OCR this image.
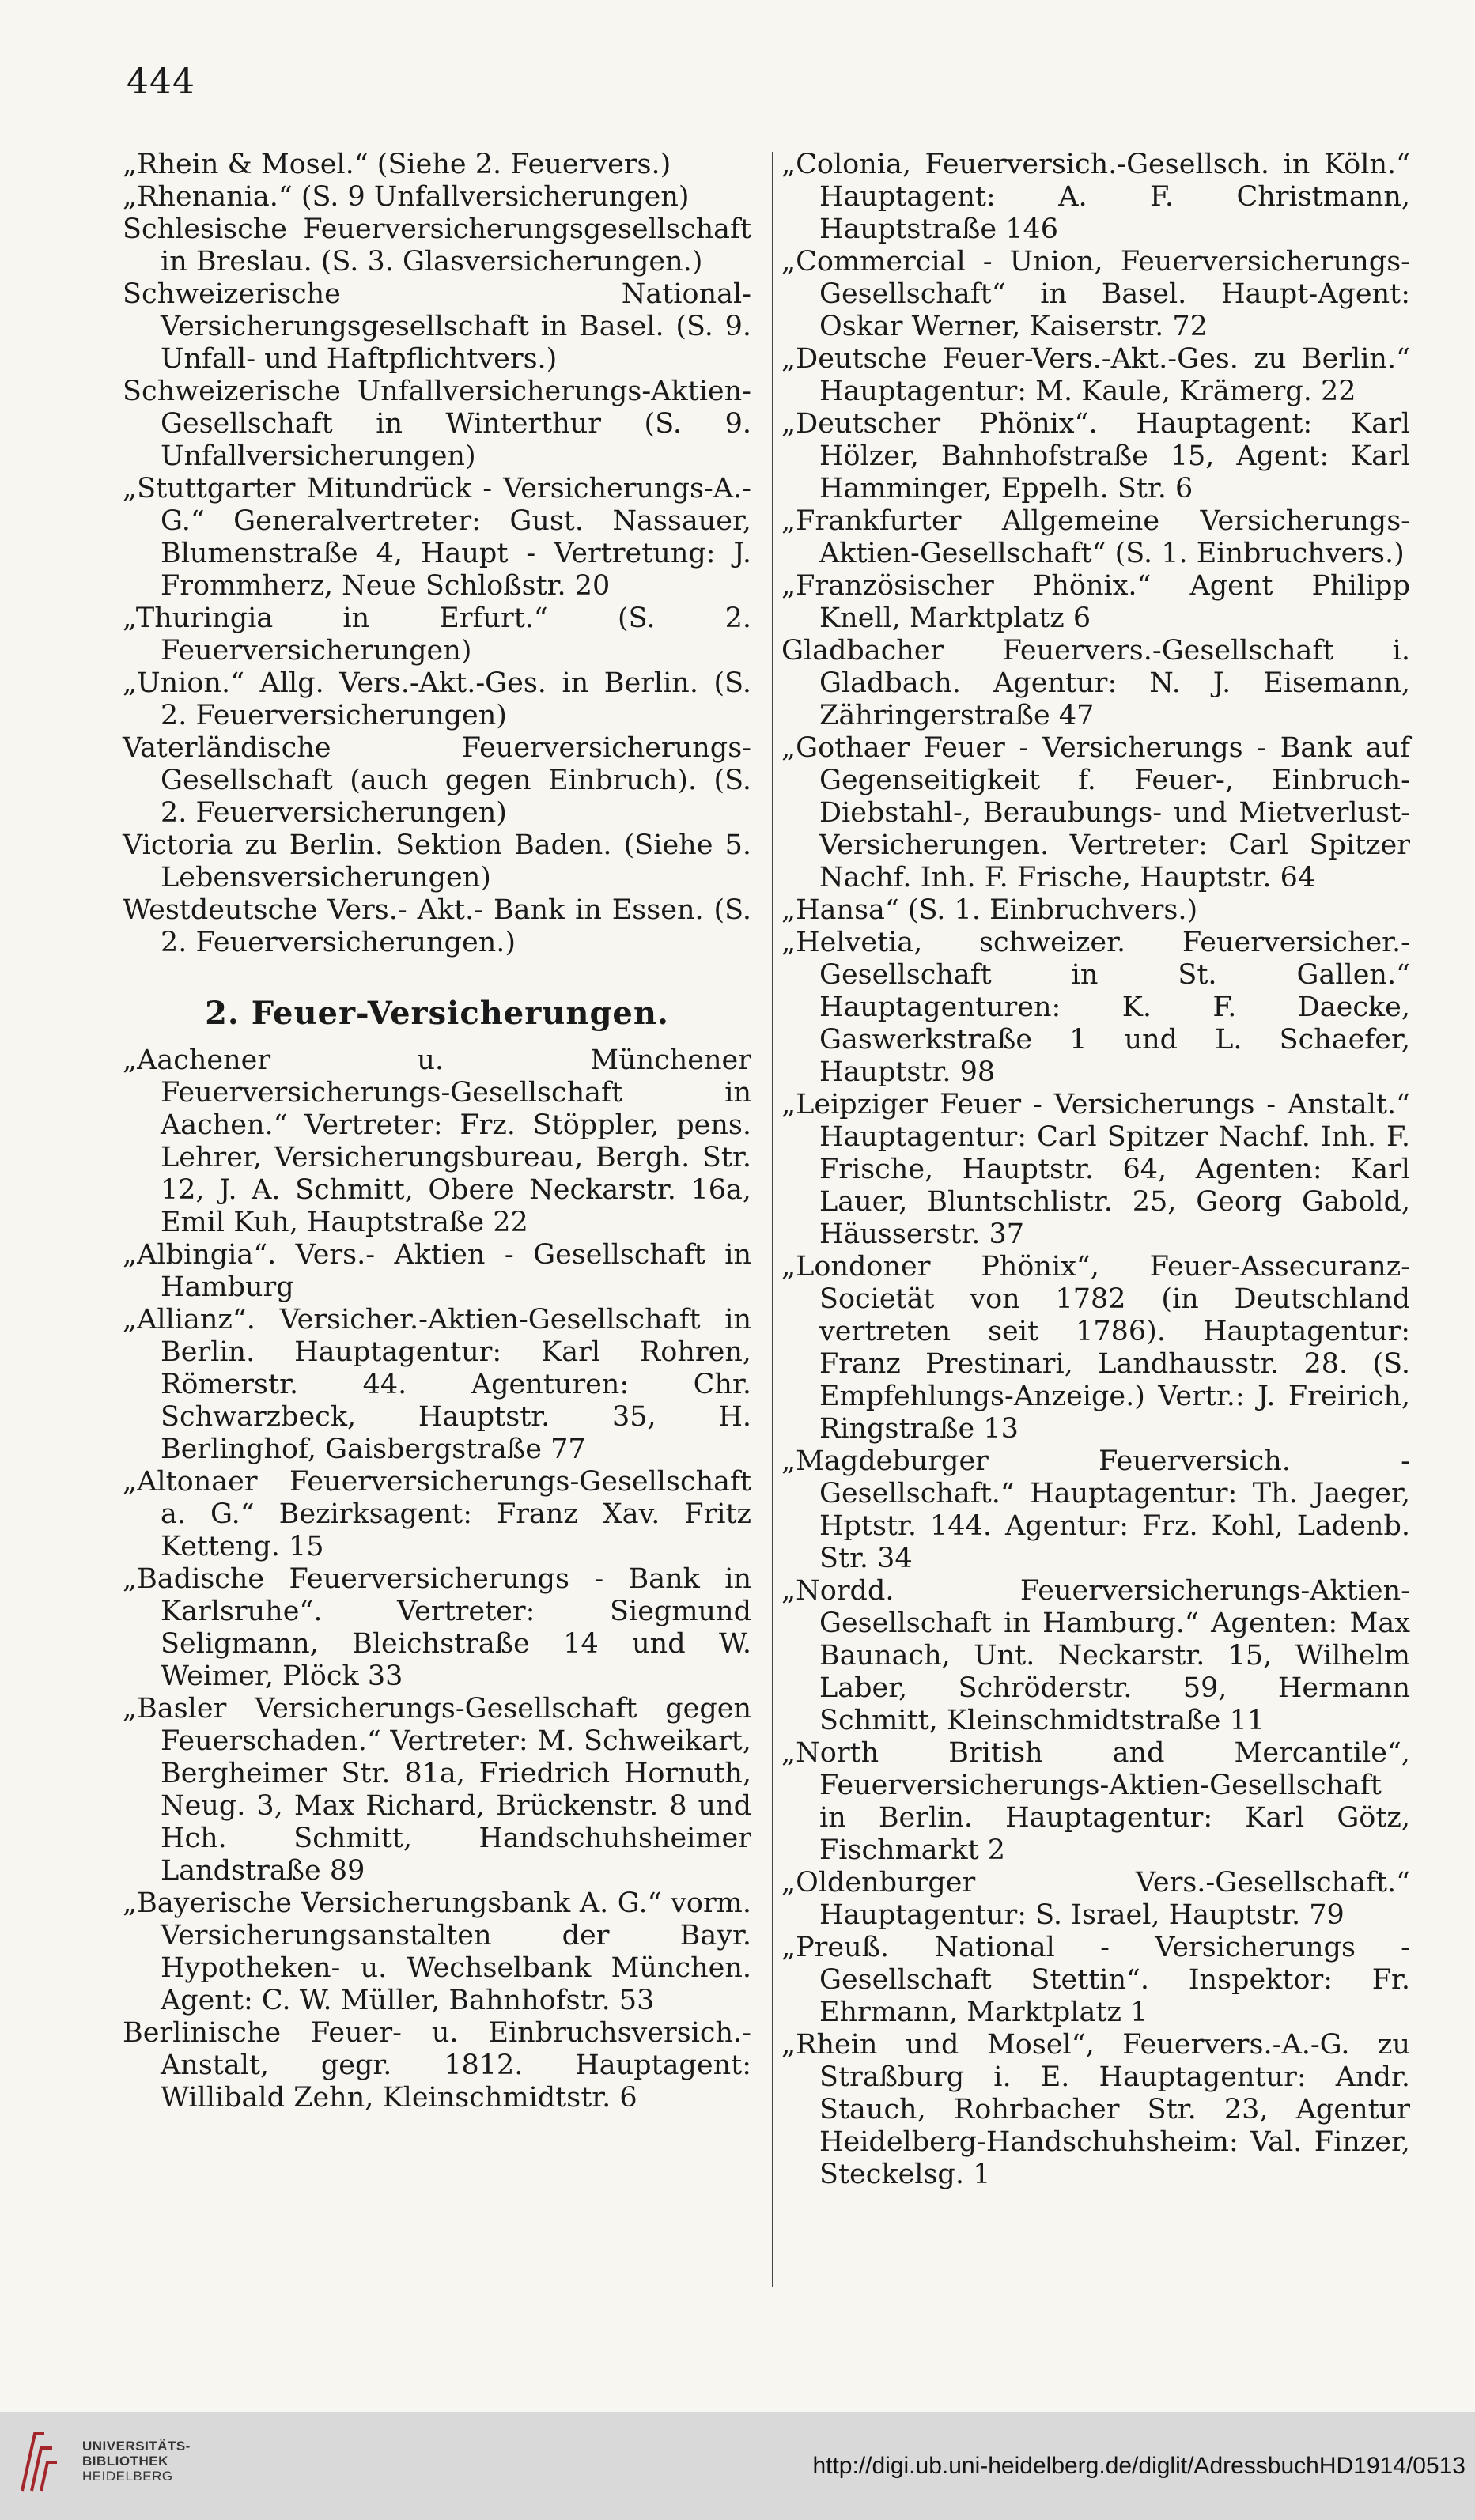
444

„Rhein & Mosel.“ (Siehe 2. Feuervers.)

„Rhenania.“ (S. 9 Unfallversicherungen)

Schlesische Feuerversicherungsgesellschaft in Breslau. (S. 3. Glasversicherungen.)

Schweizerische National-Versicherungsgesellschaft in Basel. (S. 9. Unfall- und Haftpflichtvers.)

Schweizerische Unfallversicherungs-Aktien-Gesellschaft in Winterthur (S. 9. Unfallversicherungen)

„Stuttgarter Mitundrück - Versicherungs-A.-G.“ Generalvertreter: Gust. Nassauer, Blumenstraße 4, Haupt - Vertretung: J. Frommherz, Neue Schloßstr. 20

„Thuringia in Erfurt.“ (S. 2. Feuerversicherungen)

„Union.“ Allg. Vers.-Akt.-Ges. in Berlin. (S. 2. Feuerversicherungen)

Vaterländische Feuerversicherungs-Gesellschaft (auch gegen Einbruch). (S. 2. Feuerversicherungen)

Victoria zu Berlin. Sektion Baden. (Siehe 5. Lebensversicherungen)

Westdeutsche Vers.- Akt.- Bank in Essen. (S. 2. Feuerversicherungen.)

2. Feuer-Versicherungen.

„Aachener u. Münchener Feuerversicherungs-Gesellschaft in Aachen.“ Vertreter: Frz. Stöppler, pens. Lehrer, Versicherungsbureau, Bergh. Str. 12, J. A. Schmitt, Obere Neckarstr. 16a, Emil Kuh, Hauptstraße 22

„Albingia“. Vers.- Aktien - Gesellschaft in Hamburg

„Allianz“. Versicher.-Aktien-Gesellschaft in Berlin. Hauptagentur: Karl Rohren, Römerstr. 44. Agenturen: Chr. Schwarzbeck, Hauptstr. 35, H. Berlinghof, Gaisbergstraße 77

„Altonaer Feuerversicherungs-Gesellschaft a. G.“ Bezirksagent: Franz Xav. Fritz Ketteng. 15

„Badische Feuerversicherungs - Bank in Karlsruhe“. Vertreter: Siegmund Seligmann, Bleichstraße 14 und W. Weimer, Plöck 33

„Basler Versicherungs-Gesellschaft gegen Feuerschaden.“ Vertreter: M. Schweikart, Bergheimer Str. 81a, Friedrich Hornuth, Neug. 3, Max Richard, Brückenstr. 8 und Hch. Schmitt, Handschuhsheimer Landstraße 89

„Bayerische Versicherungsbank A. G.“ vorm. Versicherungsanstalten der Bayr. Hypotheken- u. Wechselbank München. Agent: C. W. Müller, Bahnhofstr. 53

Berlinische Feuer- u. Einbruchsversich.-Anstalt, gegr. 1812. Hauptagent: Willibald Zehn, Kleinschmidtstr. 6

„Colonia, Feuerversich.-Gesellsch. in Köln.“ Hauptagent: A. F. Christmann, Hauptstraße 146

„Commercial - Union, Feuerversicherungs-Gesellschaft“ in Basel. Haupt-Agent: Oskar Werner, Kaiserstr. 72

„Deutsche Feuer-Vers.-Akt.-Ges. zu Berlin.“ Hauptagentur: M. Kaule, Krämerg. 22

„Deutscher Phönix“. Hauptagent: Karl Hölzer, Bahnhofstraße 15, Agent: Karl Hamminger, Eppelh. Str. 6

„Frankfurter Allgemeine Versicherungs-Aktien-Gesellschaft“ (S. 1. Einbruchvers.)

„Französischer Phönix.“ Agent Philipp Knell, Marktplatz 6

Gladbacher Feuervers.-Gesellschaft i. Gladbach. Agentur: N. J. Eisemann, Zähringerstraße 47

„Gothaer Feuer - Versicherungs - Bank auf Gegenseitigkeit f. Feuer-, Einbruch-Diebstahl-, Beraubungs- und Mietverlust-Versicherungen. Vertreter: Carl Spitzer Nachf. Inh. F. Frische, Hauptstr. 64

„Hansa“ (S. 1. Einbruchvers.)

„Helvetia, schweizer. Feuerversicher.-Gesellschaft in St. Gallen.“ Hauptagenturen: K. F. Daecke, Gaswerkstraße 1 und L. Schaefer, Hauptstr. 98

„Leipziger Feuer - Versicherungs - Anstalt.“ Hauptagentur: Carl Spitzer Nachf. Inh. F. Frische, Hauptstr. 64, Agenten: Karl Lauer, Bluntschlistr. 25, Georg Gabold, Häusserstr. 37

„Londoner Phönix“, Feuer-Assecuranz-Societät von 1782 (in Deutschland vertreten seit 1786). Hauptagentur: Franz Prestinari, Landhausstr. 28. (S. Empfehlungs-Anzeige.) Vertr.: J. Freirich, Ringstraße 13

„Magdeburger Feuerversich. - Gesellschaft.“ Hauptagentur: Th. Jaeger, Hptstr. 144. Agentur: Frz. Kohl, Ladenb. Str. 34

„Nordd. Feuerversicherungs-Aktien-Gesellschaft in Hamburg.“ Agenten: Max Baunach, Unt. Neckarstr. 15, Wilhelm Laber, Schröderstr. 59, Hermann Schmitt, Kleinschmidtstraße 11

„North British and Mercantile“, Feuerversicherungs-Aktien-Gesellschaft in Berlin. Hauptagentur: Karl Götz, Fischmarkt 2

„Oldenburger Vers.-Gesellschaft.“ Hauptagentur: S. Israel, Hauptstr. 79

„Preuß. National - Versicherungs - Gesellschaft Stettin“. Inspektor: Fr. Ehrmann, Marktplatz 1

„Rhein und Mosel“, Feuervers.-A.-G. zu Straßburg i. E. Hauptagentur: Andr. Stauch, Rohrbacher Str. 23, Agentur Heidelberg-Handschuhsheim: Val. Finzer, Steckelsg. 1

UNIVERSITÄTS-
BIBLIOTHEK
HEIDELBERG	http://digi.ub.uni-heidelberg.de/diglit/AdressbuchHD1914/0513
